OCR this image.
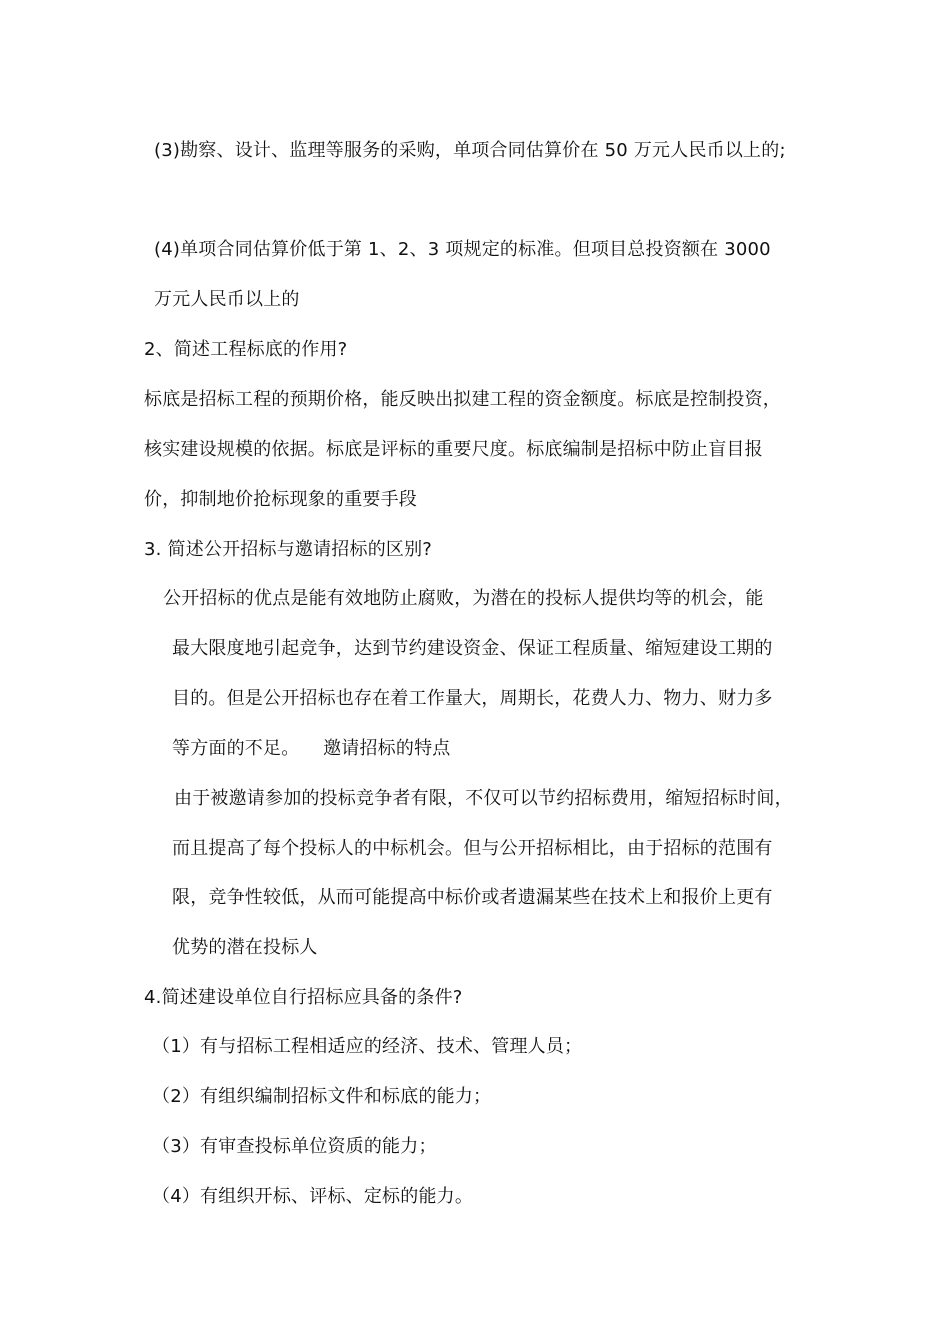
(3)勘察、设计、监理等服务的采购，单项合同估算价在 50 万元人民币以上的;
(4)单项合同估算价低于第 1、2、3 项规定的标准。但项目总投资额在 3000
万元人民币以上的
2、简述工程标底的作用?
标底是招标工程的预期价格，能反映出拟建工程的资金额度。标底是控制投资，
核实建设规模的依据。标底是评标的重要尺度。标底编制是招标中防止盲目报
价，抑制地价抢标现象的重要手段
3. 简述公开招标与邀请招标的区别?
公开招标的优点是能有效地防止腐败，为潜在的投标人提供均等的机会，能
最大限度地引起竞争，达到节约建设资金、保证工程质量、缩短建设工期的
目的。但是公开招标也存在着工作量大，周期长，花费人力、物力、财力多
等方面的不足。    邀请招标的特点
由于被邀请参加的投标竞争者有限，不仅可以节约招标费用，缩短招标时间，
而且提高了每个投标人的中标机会。但与公开招标相比，由于招标的范围有
限，竞争性较低，从而可能提高中标价或者遗漏某些在技术上和报价上更有
优势的潜在投标人
4.简述建设单位自行招标应具备的条件?
（1）有与招标工程相适应的经济、技术、管理人员；
（2）有组织编制招标文件和标底的能力；
（3）有审查投标单位资质的能力；
（4）有组织开标、评标、定标的能力。
